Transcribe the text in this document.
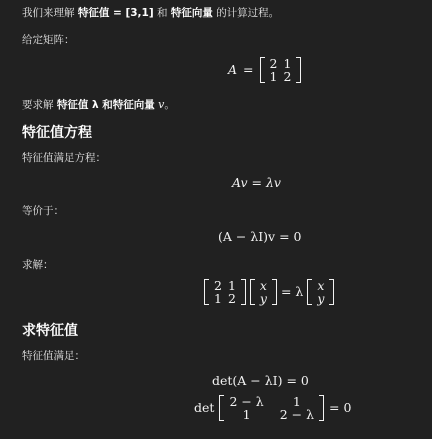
我们来理解 特征值 = [3,1] 和 特征向量 的计算过程。

给定矩阵：

A = 2 1
1 2

要求解 特征值 λ 和特征向量 v。

特征值方程

特征值满足方程：

Av = λv

等价于：

(A − λI)v = 0

求解：

2 1
1 2
x
y = λ x
y
求特征值

特征值满足：

det(A − λI) = 0
det 2 − λ	1
1	2 − λ = 0
